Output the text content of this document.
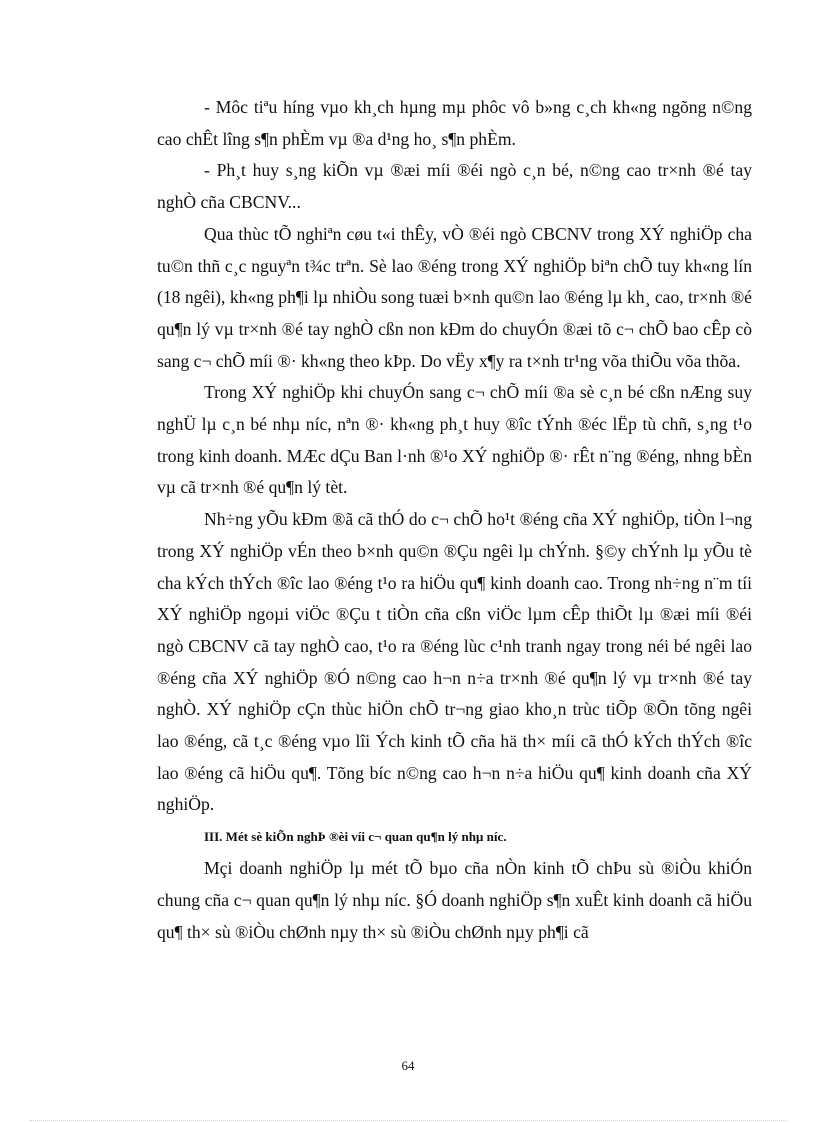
- Môc tiªu híng vµo kh¸ch hµng mµ phôc vô b»ng c¸ch kh«ng ngõng n©ng cao chÊt lîng s¶n phÈm vµ ®a d¹ng ho¸ s¶n phÈm.

- Ph¸t huy s¸ng kiÕn vµ ®æi míi ®éi ngò c¸n bé, n©ng cao tr×nh ®é tay nghÒ cña CBCNV...

Qua thùc tÕ nghiªn cøu t«i thÊy, vÒ ®éi ngò CBCNV trong XÝ nghiÖp cha tu©n thñ c¸c nguyªn t¾c trªn. Sè lao ®éng trong XÝ nghiÖp biªn chÕ tuy kh«ng lín (18 ngêi), kh«ng ph¶i lµ nhiÒu song tuæi b×nh qu©n lao ®éng lµ kh¸ cao, tr×nh ®é qu¶n lý vµ tr×nh ®é tay nghÒ cßn non kÐm do chuyÓn ®æi tõ c¬ chÕ bao cÊp cò sang c¬ chÕ míi ®· kh«ng theo kÞp. Do vËy x¶y ra t×nh tr¹ng võa thiÕu võa thõa.

Trong XÝ nghiÖp khi chuyÓn sang c¬ chÕ míi ®a sè c¸n bé cßn nÆng suy nghÜ lµ c¸n bé nhµ níc, nªn ®· kh«ng ph¸t huy ®îc tÝnh ®éc lËp tù chñ, s¸ng t¹o trong kinh doanh. MÆc dÇu Ban l·nh ®¹o XÝ nghiÖp ®· rÊt n¨ng ®éng, nhng bÈn vµ cã tr×nh ®é qu¶n lý tèt.

Nh÷ng yÕu kÐm ®ã cã thÓ do c¬ chÕ ho¹t ®éng cña XÝ nghiÖp, tiÒn l¬ng trong XÝ nghiÖp vÉn theo b×nh qu©n ®Çu ngêi lµ chÝnh. §©y chÝnh lµ yÕu tè cha kÝch thÝch ®îc lao ®éng t¹o ra hiÖu qu¶ kinh doanh cao. Trong nh÷ng n¨m tíi XÝ nghiÖp ngoµi viÖc ®Çu t tiÒn cña cßn viÖc lµm cÊp thiÕt lµ ®æi míi ®éi ngò CBCNV cã tay nghÒ cao, t¹o ra ®éng lùc c¹nh tranh ngay trong néi bé ngêi lao ®éng cña XÝ nghiÖp ®Ó n©ng cao h¬n n÷a tr×nh ®é qu¶n lý vµ tr×nh ®é tay nghÒ. XÝ nghiÖp cÇn thùc hiÖn chÕ tr¬ng giao kho¸n trùc tiÕp ®Õn tõng ngêi lao ®éng, cã t¸c ®éng vµo lîi Ých kinh tÕ cña hä th× míi cã thÓ kÝch thÝch ®îc lao ®éng cã hiÖu qu¶. Tõng bíc n©ng cao h¬n n÷a hiÖu qu¶ kinh doanh cña XÝ nghiÖp.

III. Mét sè kiÕn nghÞ ®èi víi c¬ quan qu¶n lý nhµ níc.

Mçi doanh nghiÖp lµ mét tÕ bµo cña nÒn kinh tÕ chÞu sù ®iÒu khiÓn chung cña c¬ quan qu¶n lý nhµ níc. §Ó doanh nghiÖp s¶n xuÊt kinh doanh cã hiÖu qu¶ th× sù ®iÒu chØnh nµy th× sù ®iÒu chØnh nµy ph¶i cã

64
